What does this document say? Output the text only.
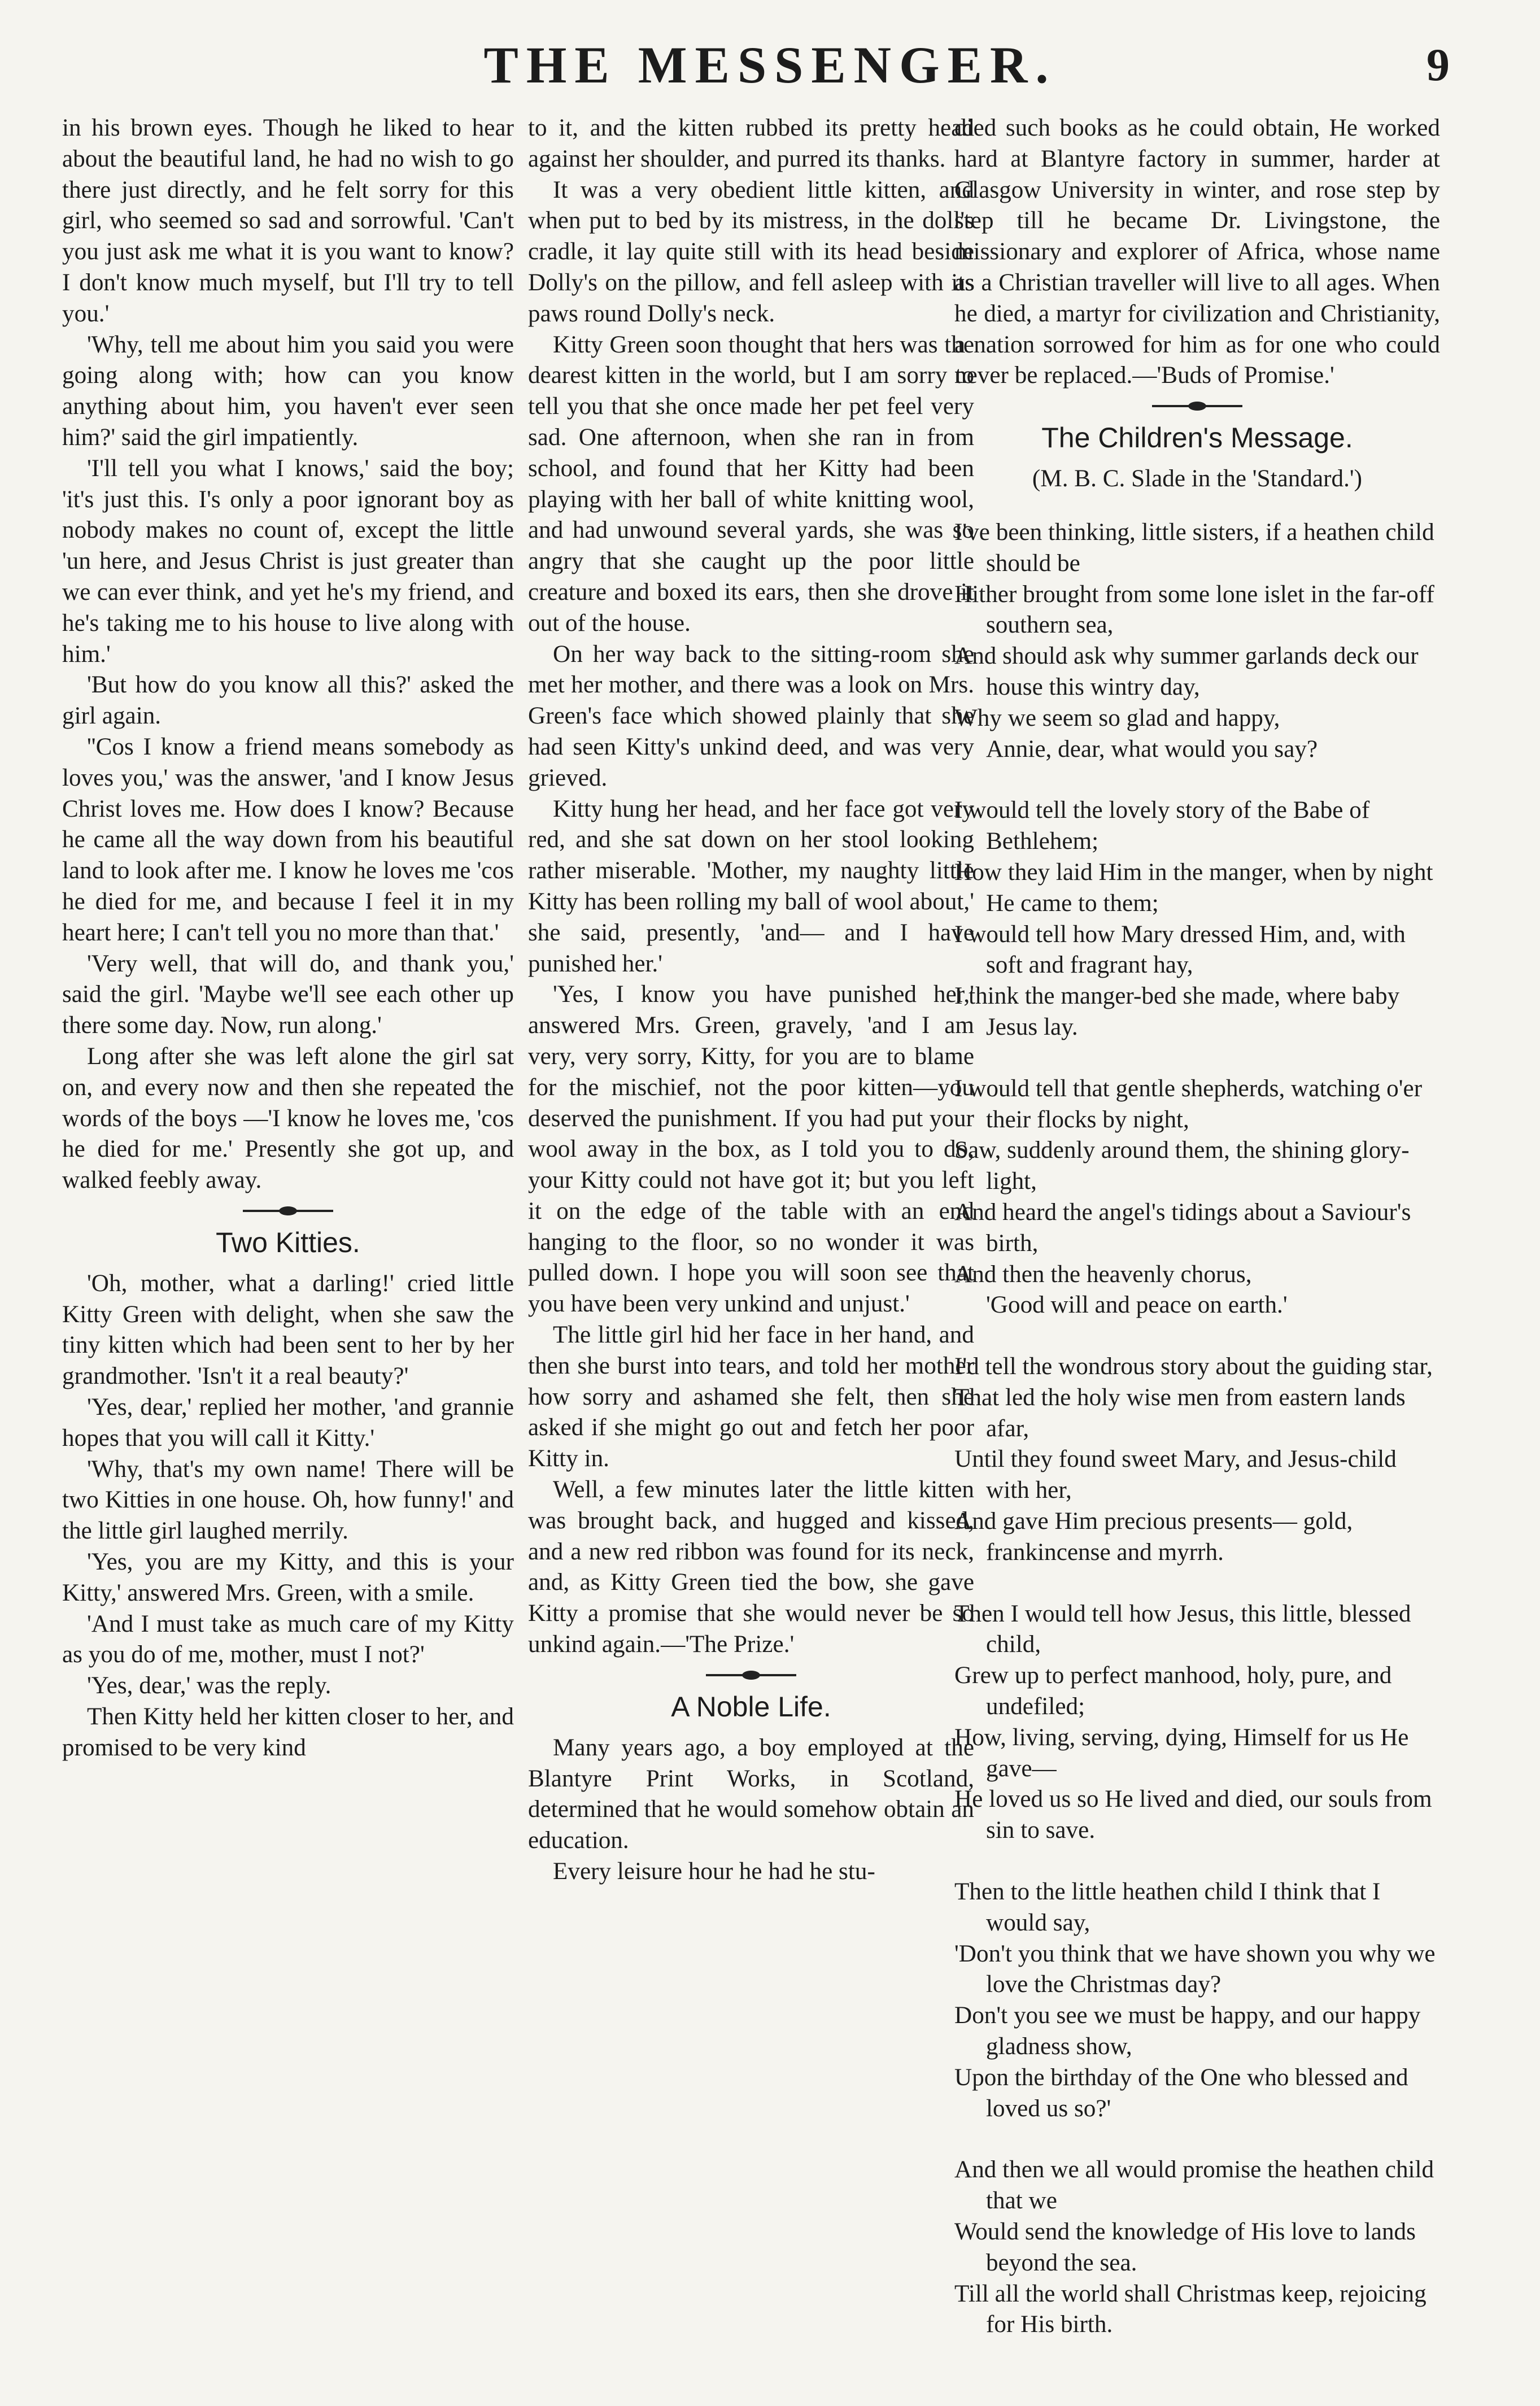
THE MESSENGER.	9

in his brown eyes. Though he liked to hear about the beautiful land, he had no wish to go there just directly, and he felt sorry for this girl, who seemed so sad and sorrowful. 'Can't you just ask me what it is you want to know? I don't know much myself, but I'll try to tell you.'

'Why, tell me about him you said you were going along with; how can you know anything about him, you haven't ever seen him?' said the girl impatiently.

'I'll tell you what I knows,' said the boy; 'it's just this. I's only a poor ignorant boy as nobody makes no count of, except the little 'un here, and Jesus Christ is just greater than we can ever think, and yet he's my friend, and he's taking me to his house to live along with him.'

'But how do you know all this?' asked the girl again.

''Cos I know a friend means somebody as loves you,' was the answer, 'and I know Jesus Christ loves me. How does I know? Because he came all the way down from his beautiful land to look after me. I know he loves me 'cos he died for me, and because I feel it in my heart here; I can't tell you no more than that.'

'Very well, that will do, and thank you,' said the girl. 'Maybe we'll see each other up there some day. Now, run along.'

Long after she was left alone the girl sat on, and every now and then she repeated the words of the boys —'I know he loves me, 'cos he died for me.' Presently she got up, and walked feebly away.

Two Kitties.

'Oh, mother, what a darling!' cried little Kitty Green with delight, when she saw the tiny kitten which had been sent to her by her grandmother. 'Isn't it a real beauty?'

'Yes, dear,' replied her mother, 'and grannie hopes that you will call it Kitty.'

'Why, that's my own name! There will be two Kitties in one house. Oh, how funny!' and the little girl laughed merrily.

'Yes, you are my Kitty, and this is your Kitty,' answered Mrs. Green, with a smile.

'And I must take as much care of my Kitty as you do of me, mother, must I not?'

'Yes, dear,' was the reply.

Then Kitty held her kitten closer to her, and promised to be very kind

to it, and the kitten rubbed its pretty head against her shoulder, and purred its thanks.

It was a very obedient little kitten, and when put to bed by its mistress, in the doll's cradle, it lay quite still with its head beside Dolly's on the pillow, and fell asleep with its paws round Dolly's neck.

Kitty Green soon thought that hers was the dearest kitten in the world, but I am sorry to tell you that she once made her pet feel very sad. One afternoon, when she ran in from school, and found that her Kitty had been playing with her ball of white knitting wool, and had unwound several yards, she was so angry that she caught up the poor little creature and boxed its ears, then she drove it out of the house.

On her way back to the sitting-room she met her mother, and there was a look on Mrs. Green's face which showed plainly that she had seen Kitty's unkind deed, and was very grieved.

Kitty hung her head, and her face got very red, and she sat down on her stool looking rather miserable. 'Mother, my naughty little Kitty has been rolling my ball of wool about,' she said, presently, 'and— and I have punished her.'

'Yes, I know you have punished her,' answered Mrs. Green, gravely, 'and I am very, very sorry, Kitty, for you are to blame for the mischief, not the poor kitten—you deserved the punishment. If you had put your wool away in the box, as I told you to do, your Kitty could not have got it; but you left it on the edge of the table with an end hanging to the floor, so no wonder it was pulled down. I hope you will soon see that you have been very unkind and unjust.'

The little girl hid her face in her hand, and then she burst into tears, and told her mother how sorry and ashamed she felt, then she asked if she might go out and fetch her poor Kitty in.

Well, a few minutes later the little kitten was brought back, and hugged and kissed, and a new red ribbon was found for its neck, and, as Kitty Green tied the bow, she gave Kitty a promise that she would never be so unkind again.—'The Prize.'

A Noble Life.

Many years ago, a boy employed at the Blantyre Print Works, in Scotland, determined that he would somehow obtain an education.

Every leisure hour he had he stu-

died such books as he could obtain, He worked hard at Blantyre factory in summer, harder at Glasgow University in winter, and rose step by step till he became Dr. Livingstone, the missionary and explorer of Africa, whose name as a Christian traveller will live to all ages. When he died, a martyr for civilization and Christianity, a nation sorrowed for him as for one who could never be replaced.—'Buds of Promise.'

The Children's Message.
(M. B. C. Slade in the 'Standard.')
I've been thinking, little sisters, if a heathen child should be
Hither brought from some lone islet in the far-off southern sea,
And should ask why summer garlands deck our house this wintry day,
Why we seem so glad and happy,
Annie, dear, what would you say?
I would tell the lovely story of the Babe of Bethlehem;
How they laid Him in the manger, when by night He came to them;
I would tell how Mary dressed Him, and, with soft and fragrant hay,
I think the manger-bed she made, where baby Jesus lay.
I would tell that gentle shepherds, watching o'er their flocks by night,
Saw, suddenly around them, the shining glory-light,
And heard the angel's tidings about a Saviour's birth,
And then the heavenly chorus,
'Good will and peace on earth.'
I'd tell the wondrous story about the guiding star,
That led the holy wise men from eastern lands afar,
Until they found sweet Mary, and Jesus-child with her,
And gave Him precious presents— gold, frankincense and myrrh.
Then I would tell how Jesus, this little, blessed child,
Grew up to perfect manhood, holy, pure, and undefiled;
How, living, serving, dying, Himself for us He gave—
He loved us so He lived and died, our souls from sin to save.
Then to the little heathen child I think that I would say,
'Don't you think that we have shown you why we love the Christmas day?
Don't you see we must be happy, and our happy gladness show,
Upon the birthday of the One who blessed and loved us so?'
And then we all would promise the heathen child that we
Would send the knowledge of His love to lands beyond the sea.
Till all the world shall Christmas keep, rejoicing for His birth.
